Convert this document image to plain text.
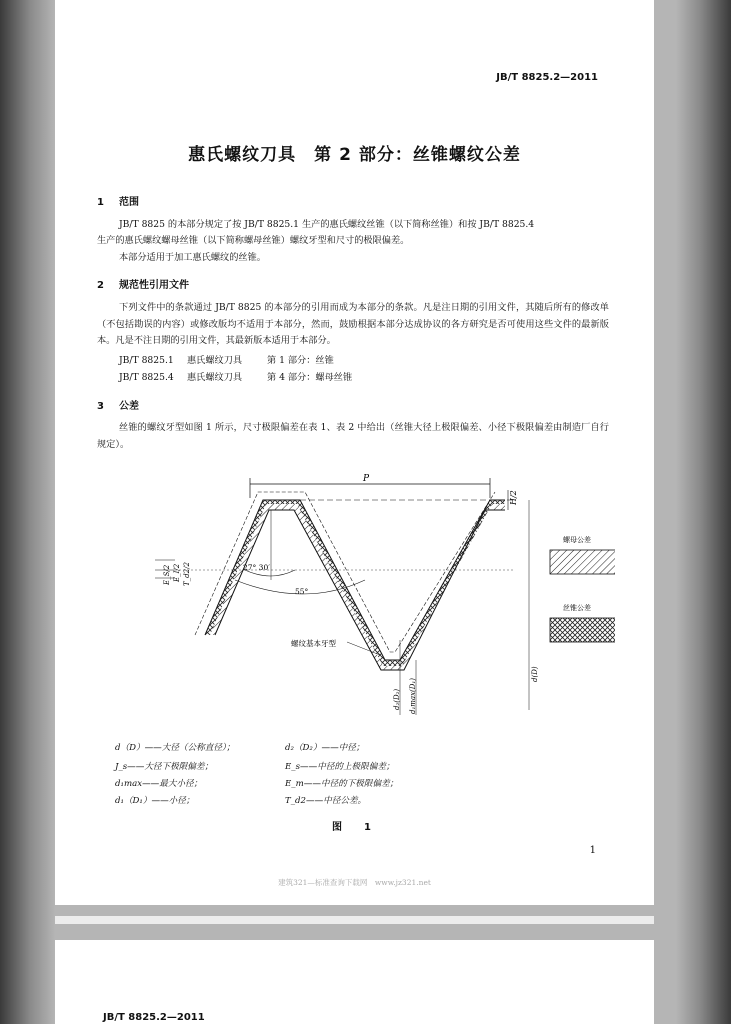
JB/T 8825.2—2011
惠氏螺纹刀具　第 2 部分：丝锥螺纹公差
1 范围
JB/T 8825 的本部分规定了按 JB/T 8825.1 生产的惠氏螺纹丝锥（以下简称丝锥）和按 JB/T 8825.4
生产的惠氏螺纹螺母丝锥（以下简称螺母丝锥）螺纹牙型和尺寸的极限偏差。
本部分适用于加工惠氏螺纹的丝锥。
2 规范性引用文件
下列文件中的条款通过 JB/T 8825 的本部分的引用而成为本部分的条款。凡是注日期的引用文件，其随后所有的修改单（不包括勘误的内容）或修改版均不适用于本部分，然而，鼓励根据本部分达成协议的各方研究是否可使用这些文件的最新版本。凡是不注日期的引用文件，其最新版本适用于本部分。
JB/T 8825.1 惠氏螺纹刀具	第 1 部分：丝锥
JB/T 8825.4 惠氏螺纹刀具	第 4 部分：螺母丝锥
3 公差
丝锥的螺纹牙型如图 1 所示，尺寸极限偏差在表 1、表 2 中给出（丝锥大径上极限偏差、小径下极限偏差由制造厂自行规定）。
P
H/2
27° 30′
55°
E_S/2 E_I/2 T_d2/2
螺纹基本牙型
d₂(D₂) d₁max(D₁)
d(D)
螺母公差
丝锥公差
d（D）——大径（公称直径）；	d₂（D₂）——中径；
J_s——大径下极限偏差；	E_s——中径的上极限偏差；
d₁max——最大小径；	E_m——中径的下极限偏差；
d₁（D₁）——小径；	T_d2——中径公差。
图　1
1
建筑321—标准查询下载网　www.jz321.net
JB/T 8825.2—2011
